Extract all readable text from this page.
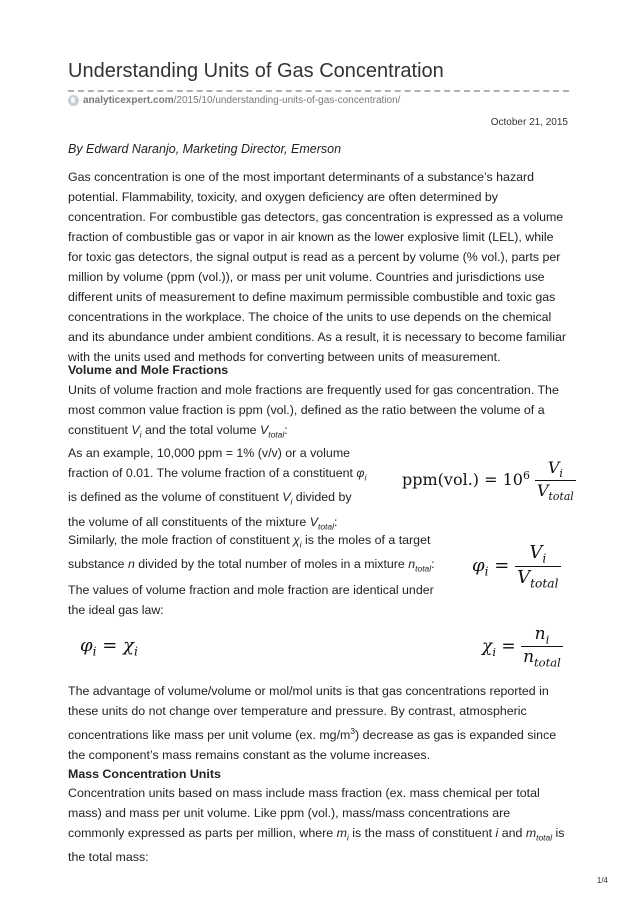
Understanding Units of Gas Concentration
analyticexpert.com /2015/10/understanding-units-of-gas-concentration/
October 21, 2015
By Edward Naranjo, Marketing Director, Emerson
Gas concentration is one of the most important determinants of a substance’s hazard potential. Flammability, toxicity, and oxygen deficiency are often determined by concentration. For combustible gas detectors, gas concentration is expressed as a volume fraction of combustible gas or vapor in air known as the lower explosive limit (LEL), while for toxic gas detectors, the signal output is read as a percent by volume (% vol.), parts per million by volume (ppm (vol.)), or mass per unit volume. Countries and jurisdictions use different units of measurement to define maximum permissible combustible and toxic gas concentrations in the workplace. The choice of the units to use depends on the chemical and its abundance under ambient conditions. As a result, it is necessary to become familiar with the units used and methods for converting between units of measurement.
Volume and Mole Fractions
Units of volume fraction and mole fractions are frequently used for gas concentration. The most common value fraction is ppm (vol.), defined as the ratio between the volume of a constituent $V_i$ and the total volume $V_{total}$:
As an example, 10,000 ppm = 1% (v/v) or a volume fraction of 0.01. The volume fraction of a constituent $\varphi_i$ is defined as the volume of constituent $V_i$ divided by the volume of all constituents of the mixture $V_{total}$:
$ppm(vol.) = 10^6 \frac{V_i}{V_{total}}$
Similarly, the mole fraction of constituent $\chi_i$ is the moles of a target substance n divided by the total number of moles in a mixture $n_{total}$: $\varphi_i = \frac{V_i}{V_{total}}$
The values of volume fraction and mole fraction are identical under the ideal gas law:
$\varphi_i = \chi_i$	$\chi_i = \frac{n_i}{n_{total}}$
The advantage of volume/volume or mol/mol units is that gas concentrations reported in these units do not change over temperature and pressure. By contrast, atmospheric concentrations like mass per unit volume (ex. $mg/m^3$) decrease as gas is expanded since the component’s mass remains constant as the volume increases.
Mass Concentration Units
Concentration units based on mass include mass fraction (ex. mass chemical per total mass) and mass per unit volume. Like ppm (vol.), mass/mass concentrations are commonly expressed as parts per million, where $m_i$ is the mass of constituent i and $m_{total}$ is the total mass:
1/4
